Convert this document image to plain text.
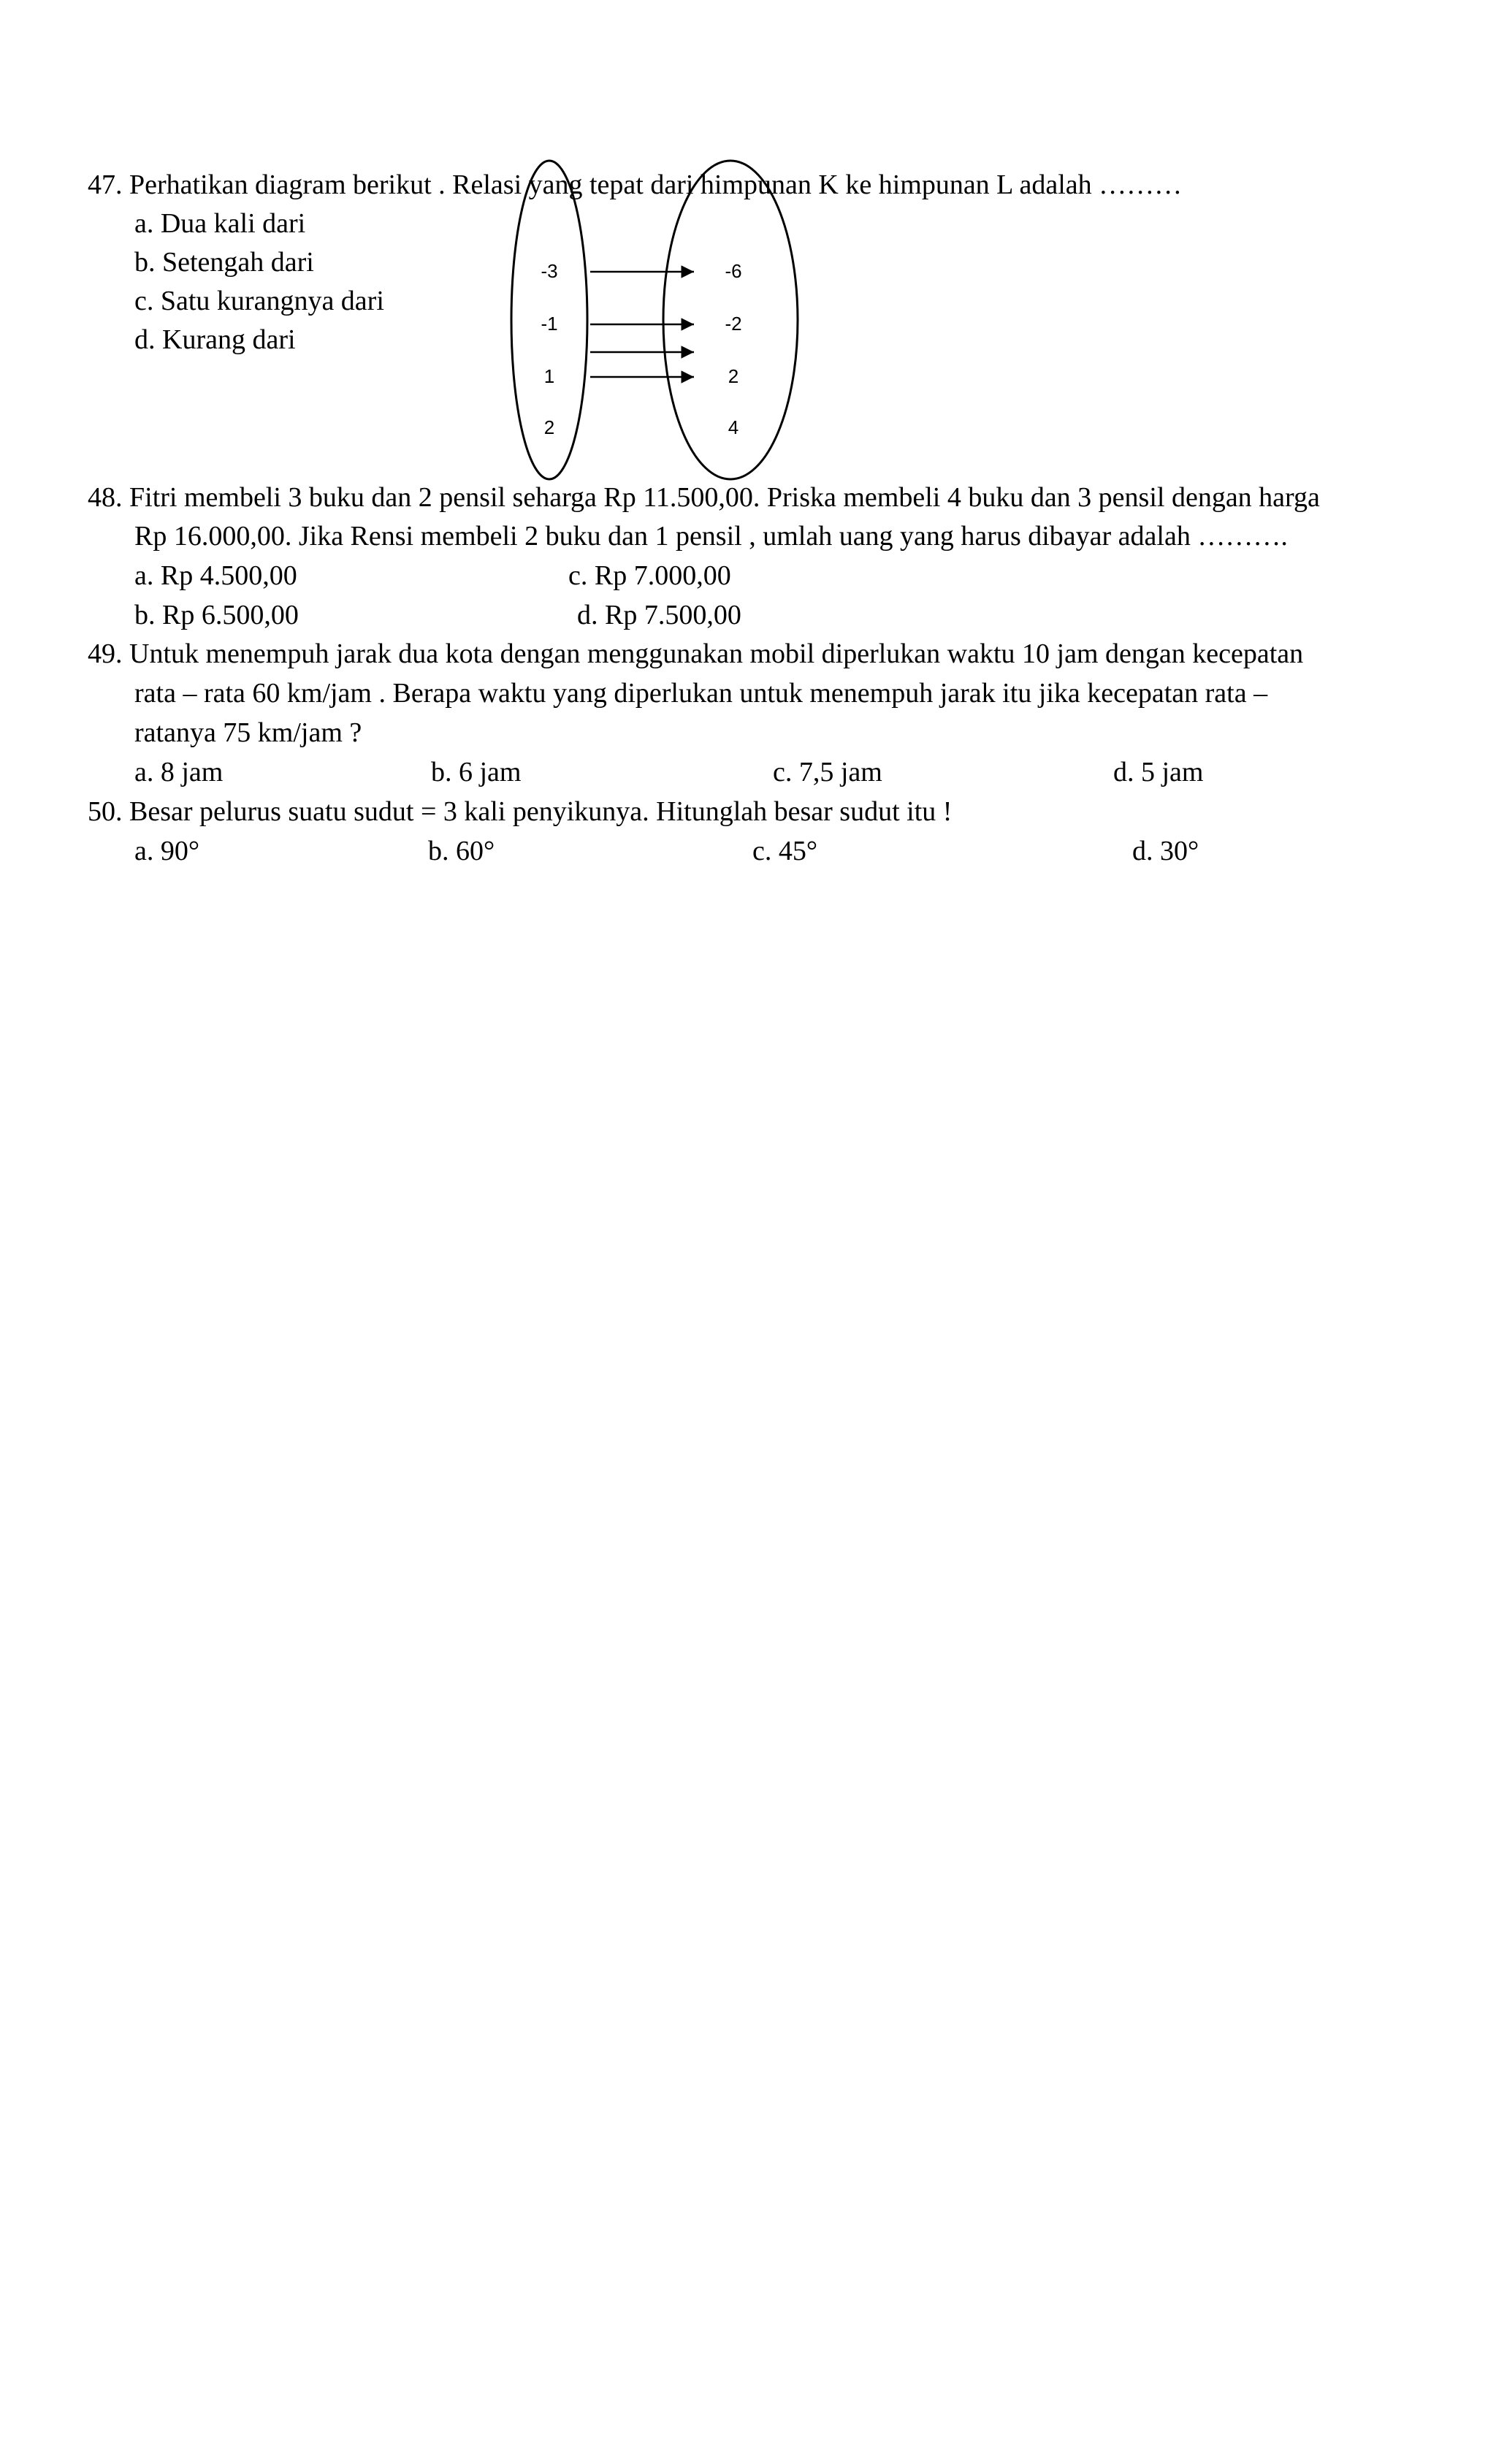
47. Perhatikan diagram berikut . Relasi yang tepat dari himpunan K ke himpunan L adalah ………
a. Dua kali dari
b. Setengah dari
c. Satu kurangnya dari
d. Kurang dari
-3
-1
1
2
-6
-2
2
4
48. Fitri membeli 3 buku dan 2 pensil seharga Rp 11.500,00. Priska membeli 4 buku dan 3 pensil dengan harga
Rp 16.000,00. Jika Rensi membeli 2 buku dan 1 pensil , umlah uang yang harus dibayar adalah ……….
a. Rp 4.500,00	c. Rp 7.000,00
b. Rp 6.500,00	d. Rp 7.500,00
49. Untuk menempuh jarak dua kota dengan menggunakan mobil diperlukan waktu 10 jam dengan kecepatan
rata – rata 60 km/jam . Berapa waktu yang diperlukan untuk menempuh jarak itu jika kecepatan rata –
ratanya 75 km/jam ?
a. 8 jam	b. 6 jam	c. 7,5 jam	d. 5 jam
50. Besar pelurus suatu sudut = 3 kali penyikunya. Hitunglah besar sudut itu !
a. 90°	b. 60°	c. 45°	d. 30°
